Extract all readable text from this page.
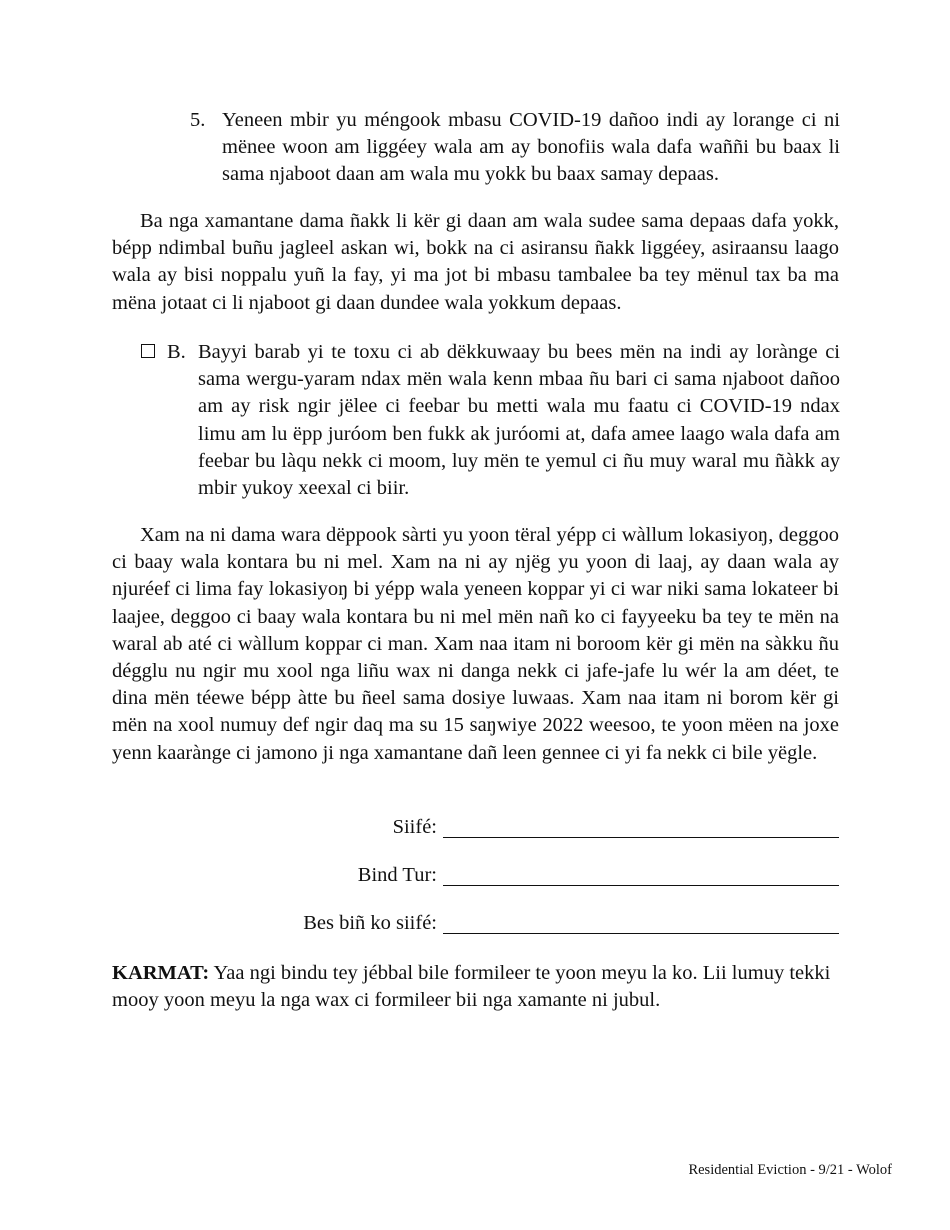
5. Yeneen mbir yu méngook mbasu COVID-19 dañoo indi ay lorange ci ni mënee woon am liggéey wala am ay bonofiis wala dafa waññi bu baax li sama njaboot daan am wala mu yokk bu baax samay depaas.

Ba nga xamantane dama ñakk li kër gi daan am wala sudee sama depaas dafa yokk, bépp ndimbal buñu jagleel askan wi, bokk na ci asiransu ñakk liggéey, asiraansu laago wala ay bisi noppalu yuñ la fay, yi ma jot bi mbasu tambalee ba tey mënul tax ba ma mëna jotaat ci li njaboot gi daan dundee wala yokkum depaas.

B. Bayyi barab yi te toxu ci ab dëkkuwaay bu bees mën na indi ay lorànge ci sama wergu-yaram ndax mën wala kenn mbaa ñu bari ci sama njaboot dañoo am ay risk ngir jëlee ci feebar bu metti wala mu faatu ci COVID-19 ndax limu am lu ëpp juróom ben fukk ak juróomi at, dafa amee laago wala dafa am feebar bu làqu nekk ci moom, luy mën te yemul ci ñu muy waral mu ñàkk ay mbir yukoy xeexal ci biir.

Xam na ni dama wara dëppook sàrti yu yoon tëral yépp ci wàllum lokasiyoŋ, deggoo ci baay wala kontara bu ni mel. Xam na ni ay njëg yu yoon di laaj, ay daan wala ay njuréef ci lima fay lokasiyoŋ bi yépp wala yeneen koppar yi ci war niki sama lokateer bi laajee, deggoo ci baay wala kontara bu ni mel mën nañ ko ci fayyeeku ba tey te mën na waral ab até ci wàllum koppar ci man. Xam naa itam ni boroom kër gi mën na sàkku ñu dégglu nu ngir mu xool nga liñu wax ni danga nekk ci jafe-jafe lu wér la am déet, te dina mën téewe bépp àtte bu ñeel sama dosiye luwaas. Xam naa itam ni borom kër gi mën na xool numuy def ngir daq ma su 15 saŋwiye 2022 weesoo, te yoon mëen na joxe yenn kaarànge ci jamono ji nga xamantane dañ leen gennee ci yi fa nekk ci bile yëgle.

Siifé:
Bind Tur:
Bes biñ ko siifé:

KARMAT: Yaa ngi bindu tey jébbal bile formileer te yoon meyu la ko. Lii lumuy tekki mooy yoon meyu la nga wax ci formileer bii nga xamante ni jubul.

Residential Eviction - 9/21 - Wolof
